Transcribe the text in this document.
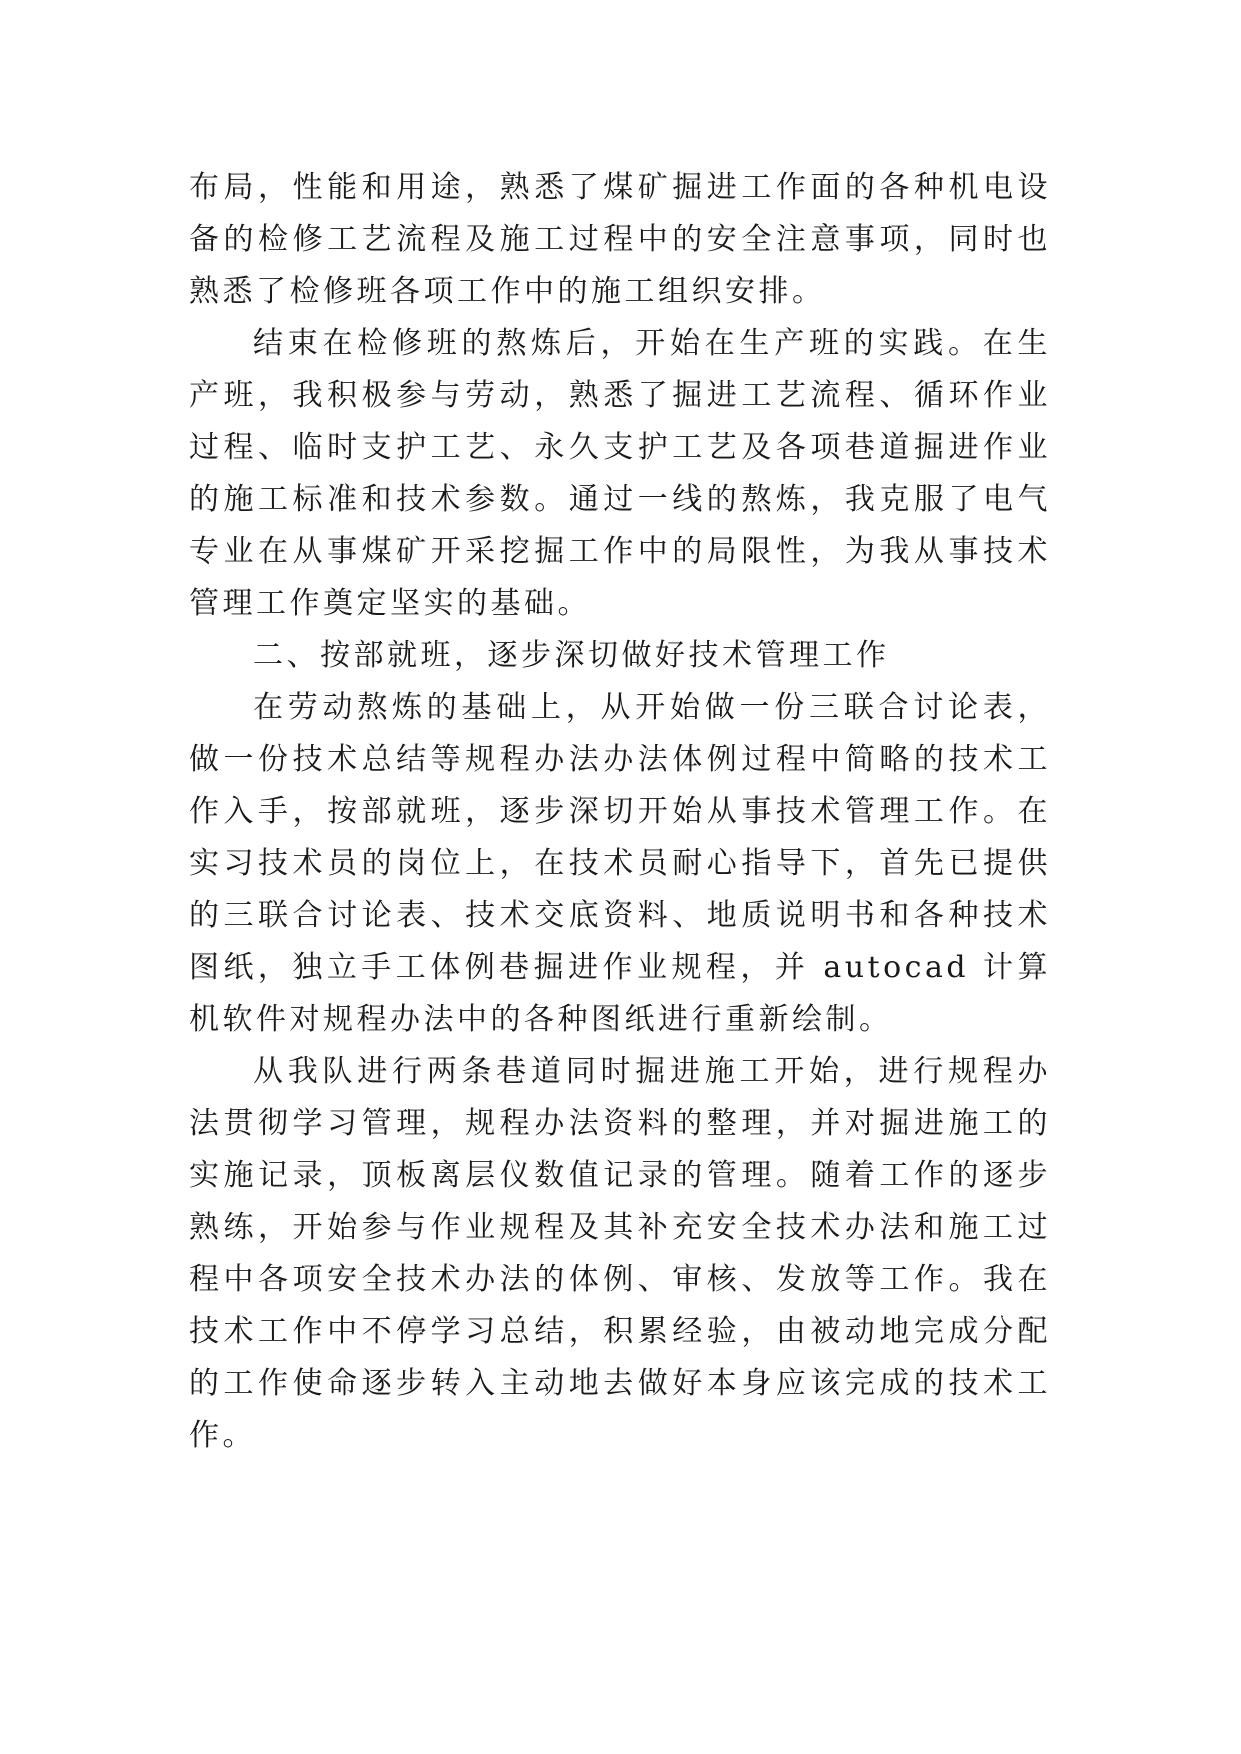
布局，性能和用途，熟悉了煤矿掘进工作面的各种机电设备的检修工艺流程及施工过程中的安全注意事项，同时也熟悉了检修班各项工作中的施工组织安排。

结束在检修班的熬炼后，开始在生产班的实践。在生产班，我积极参与劳动，熟悉了掘进工艺流程、循环作业过程、临时支护工艺、永久支护工艺及各项巷道掘进作业的施工标准和技术参数。通过一线的熬炼，我克服了电气专业在从事煤矿开采挖掘工作中的局限性，为我从事技术管理工作奠定坚实的基础。

二、按部就班，逐步深切做好技术管理工作

在劳动熬炼的基础上，从开始做一份三联合讨论表，做一份技术总结等规程办法办法体例过程中简略的技术工作入手，按部就班，逐步深切开始从事技术管理工作。在实习技术员的岗位上，在技术员耐心指导下，首先已提供的三联合讨论表、技术交底资料、地质说明书和各种技术图纸，独立手工体例巷掘进作业规程，并 autocad 计算机软件对规程办法中的各种图纸进行重新绘制。

从我队进行两条巷道同时掘进施工开始，进行规程办法贯彻学习管理，规程办法资料的整理，并对掘进施工的实施记录，顶板离层仪数值记录的管理。随着工作的逐步熟练，开始参与作业规程及其补充安全技术办法和施工过程中各项安全技术办法的体例、审核、发放等工作。我在技术工作中不停学习总结，积累经验，由被动地完成分配的工作使命逐步转入主动地去做好本身应该完成的技术工作。
